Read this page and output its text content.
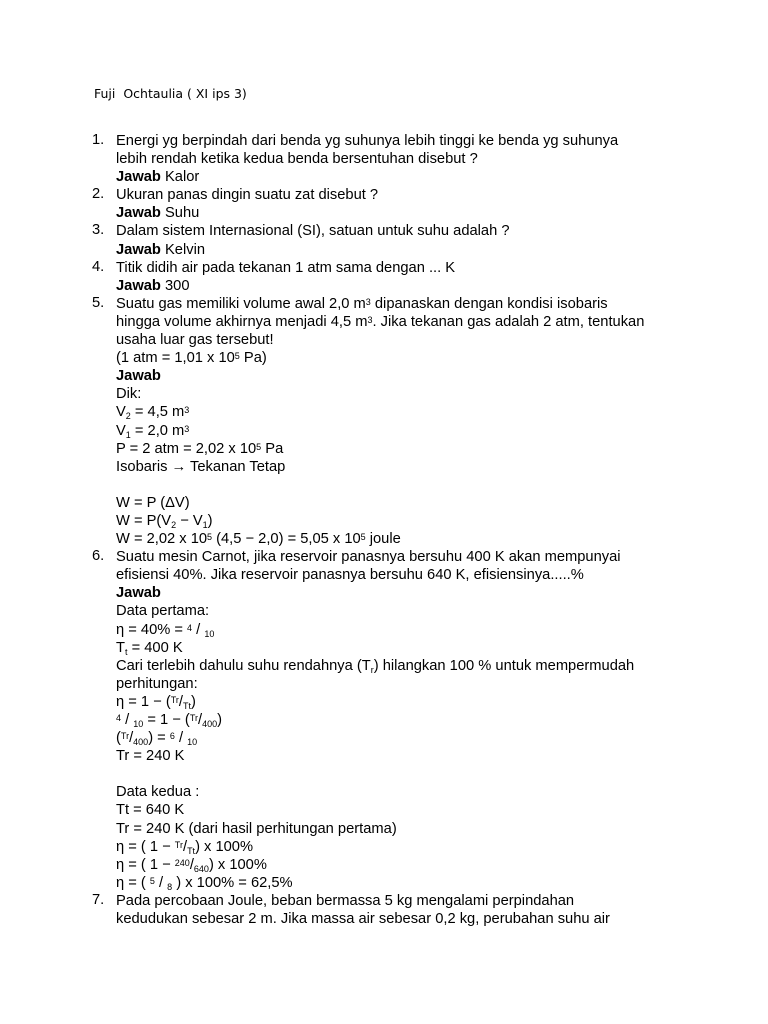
Fuji  Ochtaulia ( XI ips 3)
1. Energi yg berpindah dari benda yg suhunya lebih tinggi ke benda yg suhunya
lebih rendah ketika kedua benda bersentuhan disebut ?
Jawab Kalor
2. Ukuran panas dingin suatu zat disebut ?
Jawab Suhu
3. Dalam sistem Internasional (SI), satuan untuk suhu adalah ?
Jawab Kelvin
4. Titik didih air pada tekanan 1 atm sama dengan ... K
Jawab 300
5. Suatu gas memiliki volume awal 2,0 $m^3$ dipanaskan dengan kondisi isobaris
hingga volume akhirnya menjadi 4,5 $m^3$. Jika tekanan gas adalah 2 atm, tentukan
usaha luar gas tersebut!
(1 atm = 1,01 x $10^5$ Pa)
Jawab
Dik:
$V_2 = 4,5$ $m^3$
$V_1 = 2,0$ $m^3$
P = 2 atm = 2,02 x $10^5$ Pa
Isobaris → Tekanan Tetap
W = P (ΔV)
$W = P(V_2 - V_1)$
W = 2,02 x $10^5$ (4,5 − 2,0) = 5,05 x $10^5$ joule
6. Suatu mesin Carnot, jika reservoir panasnya bersuhu 400 K akan mempunyai
efisiensi 40%. Jika reservoir panasnya bersuhu 640 K, efisiensinya.....%
Jawab
Data pertama:
η = 40% = $^4$ / $_{10}$
$T_t = 400$ K
Cari terlebih dahulu suhu rendahnya $(T_r)$ hilangkan 100 % untuk mempermudah
perhitungan:
$\eta = 1 - (^{Tr}/_{Tt})$
$^4 / _{10} = 1 - (^{Tr}/_{400})$
$(^{Tr}/_{400}) = ^6 / _{10}$
Tr = 240 K
Data kedua :
Tt = 640 K
Tr = 240 K (dari hasil perhitungan pertama)
η = ( $1 - ^{Tr}/_{Tt}$) x 100%
η = ( $1 - ^{240}/_{640}$) x 100%
η = ( $^5$ / $_8$ ) x 100% = 62,5%
7. Pada percobaan Joule, beban bermassa 5 kg mengalami perpindahan
kedudukan sebesar 2 m. Jika massa air sebesar 0,2 kg, perubahan suhu air
